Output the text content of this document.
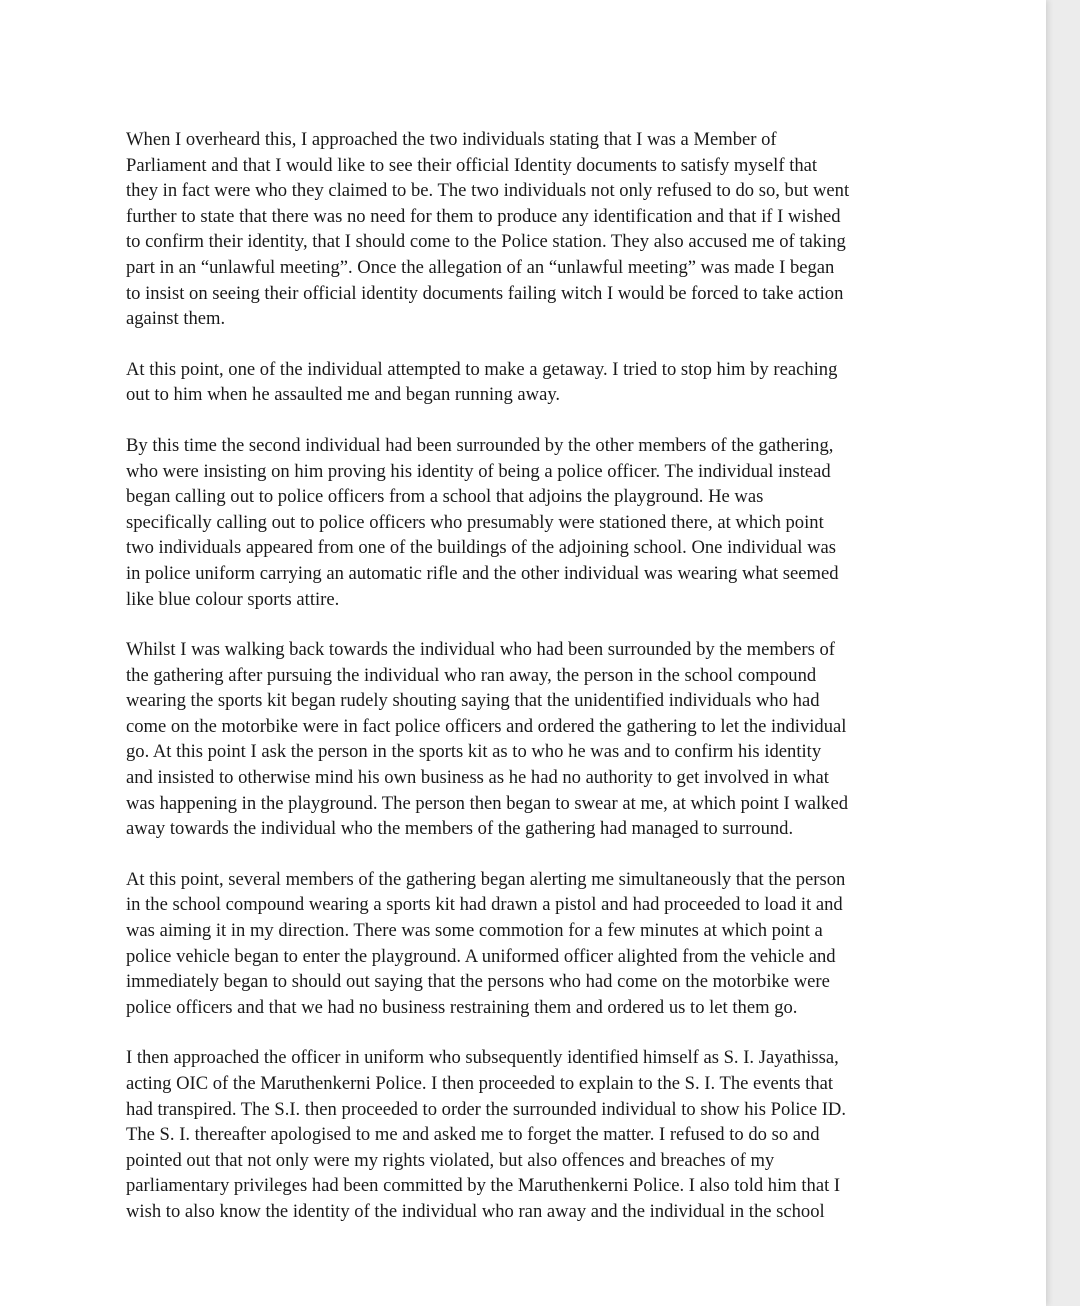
When I overheard this, I approached the two individuals stating that I was a Member of
Parliament and that I would like to see their official Identity documents to satisfy myself that
they in fact were who they claimed to be. The two individuals not only refused to do so, but went
further to state that there was no need for them to produce any identification and that if I wished
to confirm their identity, that I should come to the Police station. They also accused me of taking
part in an “unlawful meeting”. Once the allegation of an “unlawful meeting” was made I began
to insist on seeing their official identity documents failing witch I would be forced to take action
against them.

At this point, one of the individual attempted to make a getaway. I tried to stop him by reaching
out to him when he assaulted me and began running away.

By this time the second individual had been surrounded by the other members of the gathering,
who were insisting on him proving his identity of being a police officer. The individual instead
began calling out to police officers from a school that adjoins the playground. He was
specifically calling out to police officers who presumably were stationed there, at which point
two individuals appeared from one of the buildings of the adjoining school. One individual was
in police uniform carrying an automatic rifle and the other individual was wearing what seemed
like blue colour sports attire.

Whilst I was walking back towards the individual who had been surrounded by the members of
the gathering after pursuing the individual who ran away, the person in the school compound
wearing the sports kit began rudely shouting saying that the unidentified individuals who had
come on the motorbike were in fact police officers and ordered the gathering to let the individual
go. At this point I ask the person in the sports kit as to who he was and to confirm his identity
and insisted to otherwise mind his own business as he had no authority to get involved in what
was happening in the playground. The person then began to swear at me, at which point I walked
away towards the individual who the members of the gathering had managed to surround.

At this point, several members of the gathering began alerting me simultaneously that the person
in the school compound wearing a sports kit had drawn a pistol and had proceeded to load it and
was aiming it in my direction. There was some commotion for a few minutes at which point a
police vehicle began to enter the playground. A uniformed officer alighted from the vehicle and
immediately began to should out saying that the persons who had come on the motorbike were
police officers and that we had no business restraining them and ordered us to let them go.

I then approached the officer in uniform who subsequently identified himself as S. I. Jayathissa,
acting OIC of the Maruthenkerni Police. I then proceeded to explain to the S. I. The events that
had transpired. The S.I. then proceeded to order the surrounded individual to show his Police ID.
The S. I. thereafter apologised to me and asked me to forget the matter. I refused to do so and
pointed out that not only were my rights violated, but also offences and breaches of my
parliamentary privileges had been committed by the Maruthenkerni Police. I also told him that I
wish to also know the identity of the individual who ran away and the individual in the school
